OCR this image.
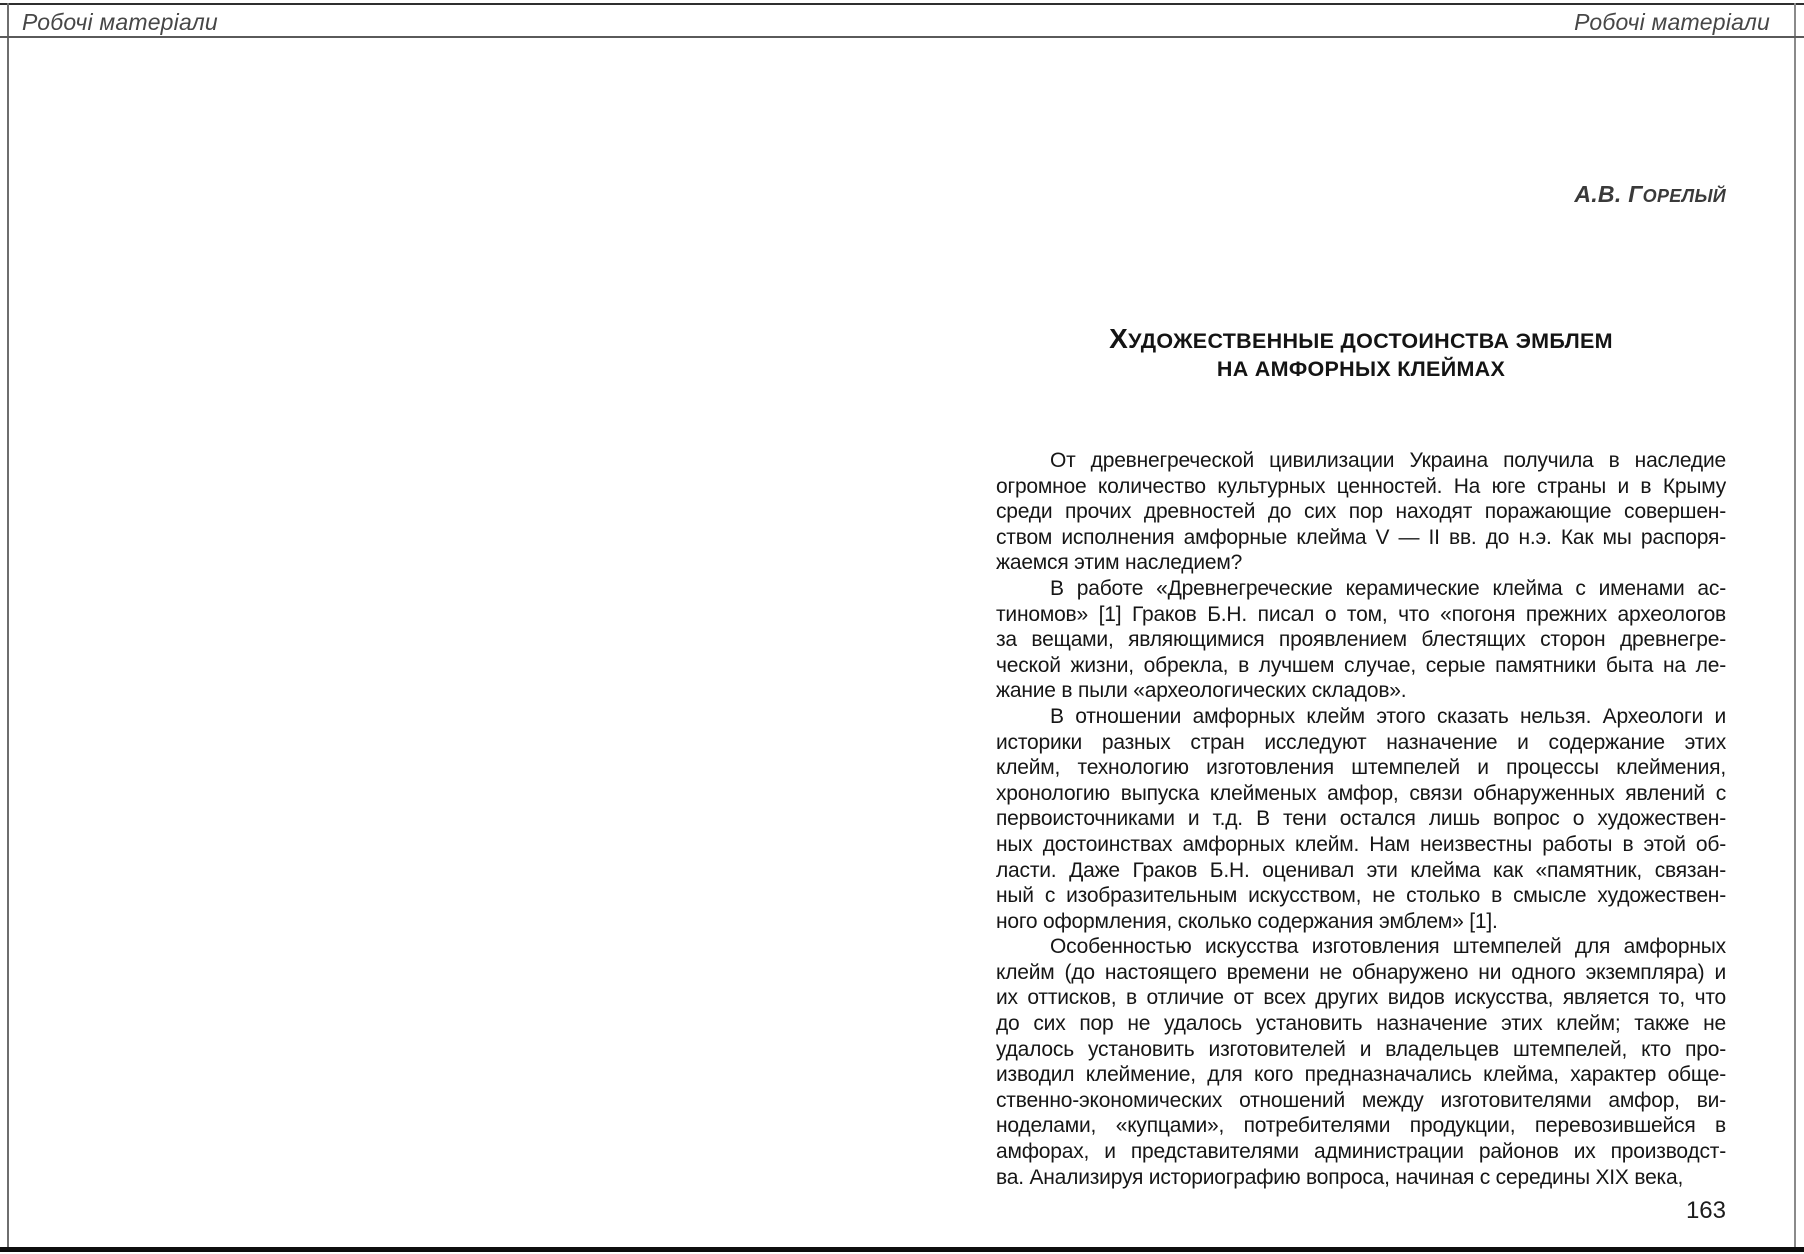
Робочі матеріали	Робочі матеріали
А.В. ГОРЕЛЫЙ
ХУДОЖЕСТВЕННЫЕ ДОСТОИНСТВА ЭМБЛЕМ
НА АМФОРНЫХ КЛЕЙМАХ
От древнегреческой цивилизации Украина получила в наследие
огромное количество культурных ценностей. На юге страны и в Крыму
среди прочих древностей до сих пор находят поражающие совершен-
ством исполнения амфорные клейма V — II вв. до н.э. Как мы распоря-
жаемся этим наследием?
В работе «Древнегреческие керамические клейма с именами ас-
тиномов» [1] Граков Б.Н. писал о том, что «погоня прежних археологов
за вещами, являющимися проявлением блестящих сторон древнегре-
ческой жизни, обрекла, в лучшем случае, серые памятники быта на ле-
жание в пыли «археологических складов».
В отношении амфорных клейм этого сказать нельзя. Археологи и
историки разных стран исследуют назначение и содержание этих
клейм, технологию изготовления штемпелей и процессы клеймения,
хронологию выпуска клейменых амфор, связи обнаруженных явлений с
первоисточниками и т.д. В тени остался лишь вопрос о художествен-
ных достоинствах амфорных клейм. Нам неизвестны работы в этой об-
ласти. Даже Граков Б.Н. оценивал эти клейма как «памятник, связан-
ный с изобразительным искусством, не столько в смысле художествен-
ного оформления, сколько содержания эмблем» [1].
Особенностью искусства изготовления штемпелей для амфорных
клейм (до настоящего времени не обнаружено ни одного экземпляра) и
их оттисков, в отличие от всех других видов искусства, является то, что
до сих пор не удалось установить назначение этих клейм; также не
удалось установить изготовителей и владельцев штемпелей, кто про-
изводил клеймение, для кого предназначались клейма, характер обще-
ственно-экономических отношений между изготовителями амфор, ви-
ноделами, «купцами», потребителями продукции, перевозившейся в
амфорах, и представителями администрации районов их производст-
ва. Анализируя историографию вопроса, начиная с середины XIX века,
163
